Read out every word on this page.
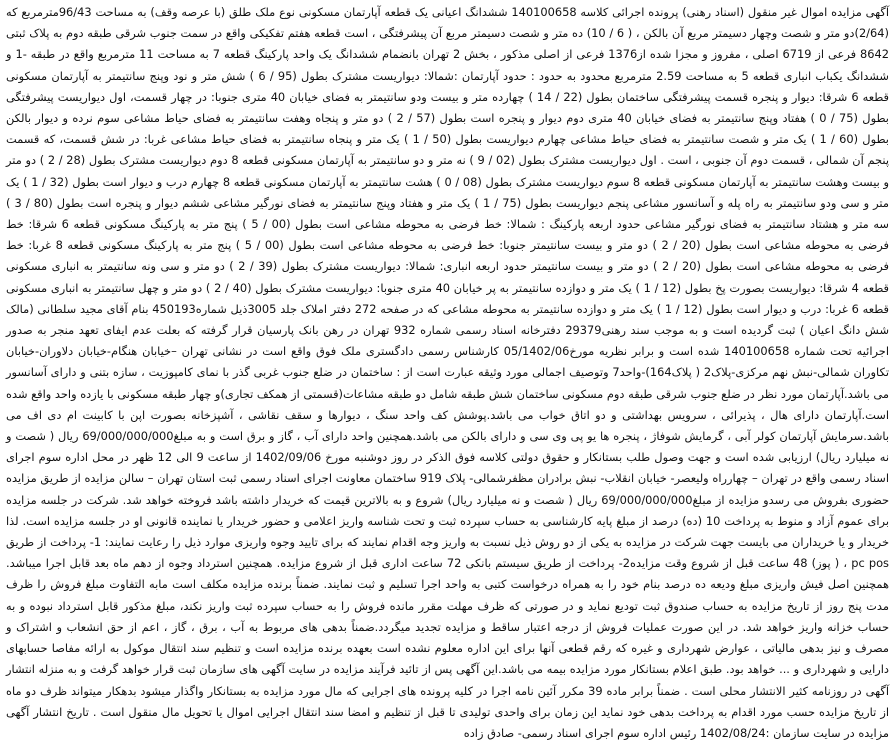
آگهی مزایده اموال غیر منقول (اسناد رهنی) پرونده اجرائی کلاسه 140100658 ششدانگ اعیانی یک قطعه آپارتمان مسکونی نوع ملک طلق (با عرصه وقف) به مساحت 96/43مترمربع که (2/64)دو متر و شصت وچهار دسیمتر مربع آن بالکن ، ( 6 / 10) ده متر و شصت دسیمتر مربع آن پیشرفتگی ، است قطعه هفتم تفکیکی واقع در سمت جنوب شرقی طبقه دوم به پلاک ثبتی 8642 فرعی از 6719 اصلی ، مفروز و مجزا شده از1376 فرعی از اصلی مذکور ، بخش 2 تهران بانضمام ششدانگ یک واحد پارکینگ قطعه 7 به مساحت 11 مترمربع واقع در طبقه -1 و ششدانگ یکباب انباری قطعه 5 به مساحت 2.59 مترمربع محدود به حدود : حدود آپارتمان :شمالا: دیواریست مشترک بطول (95 / 6 ) شش متر و نود وپنج سانتیمتر به آپارتمان مسکونی قطعه 6 شرقا: دیوار و پنجره قسمت پیشرفتگی ساختمان بطول (22 / 14 ) چهارده متر و بیست ودو سانتیمتر به فضای خیابان 40 متری جنوبا: در چهار قسمت، اول دیواریست پیشرفتگی بطول (75 / 0 ) هفتاد وپنج سانتیمتر به فضای خیابان 40 متری دوم دیوار و پنجره است بطول (57 / 2 ) دو متر و پنجاه وهفت سانتیمتر به فضای حیاط مشاعی سوم نرده و دیوار بالکن بطول (60 / 1 ) یک متر و شصت سانتیمتر به فضای حیاط مشاعی چهارم دیواریست بطول (50 / 1 ) یک متر و پنجاه سانتیمتر به فضای حیاط مشاعی غربا: در شش قسمت، که قسمت پنجم آن شمالی ، قسمت دوم آن جنوبی ، است . اول دیواریست مشترک بطول (02 / 9 ) نه متر و دو سانتیمتر به آپارتمان مسکونی قطعه 8 دوم دیواریست مشترک بطول (28 / 2 ) دو متر و بیست وهشت سانتیمتر به آپارتمان مسکونی قطعه 8 سوم دیواریست مشترک بطول (08 / 0 ) هشت سانتیمتر به آپارتمان مسکونی قطعه 8 چهارم درب و دیوار است بطول (32 / 1 ) یک متر و سی ودو سانتیمتر به راه پله و آسانسور مشاعی پنجم دیواریست بطول (75 / 1 ) یک متر و هفتاد وپنج سانتیمتر به فضای نورگیر مشاعی ششم دیوار و پنجره است بطول (80 / 3 ) سه متر و هشتاد سانتیمتر به فضای نورگیر مشاعی حدود اربعه پارکینگ : شمالا: خط فرضی به محوطه مشاعی است بطول (00 / 5 ) پنج متر به پارکینگ مسکونی قطعه 6 شرقا: خط فرضی به محوطه مشاعی است بطول (20 / 2 ) دو متر و بیست سانتیمتر جنوبا: خط فرضی به محوطه مشاعی است بطول (00 / 5 ) پنج متر به پارکینگ مسکونی قطعه 8 غربا: خط فرضی به محوطه مشاعی است بطول (20 / 2 ) دو متر و بیست سانتیمتر حدود اربعه انباری: شمالا: دیواریست مشترک بطول (39 / 2 ) دو متر و سی ونه سانتیمتر به انباری مسکونی قطعه 4 شرقا: دیواریست بصورت پخ بطول (12 / 1 ) یک متر و دوازده سانتیمتر به پر خیابان 40 متری جنوبا: دیواریست مشترک بطول (40 / 2 ) دو متر و چهل سانتیمتر به انباری مسکونی قطعه 6 غربا: درب و دیوار است بطول (12 / 1 ) یک متر و دوازده سانتیمتر به محوطه مشاعی که در صفحه 272 دفتر املاک جلد 3005ذیل شماره450193 بنام آقای مجید سلطانی (مالک شش دانگ اعیان ) ثبت گردیده است و به موجب سند رهنی29379 دفترخانه اسناد رسمی شماره 932 تهران در رهن بانک پارسیان قرار گرفته که بعلت عدم ایفای تعهد منجر به صدور اجرائیه تحت شماره 140100658 شده است و برابر نظریه مورخ05/1402/06 کارشناس رسمی دادگستری ملک فوق واقع است در نشانی تهران –خیابان هنگام-خیابان دلاوران-خیابان تکاوران شمالی-نبش نهم مرکزی-پلاک2 ( پلاک164)-واحد7 وتوصیف اجمالی مورد وثیقه عبارت است از : ساختمان در ضلع جنوب غربی گذر با نمای کامپوزیت ، سازه بتنی و دارای آسانسور می باشد.آپارتمان مورد نظر در ضلع جنوب شرقی طبقه دوم مسکونی ساختمان شش طبقه شامل دو طبقه مشاعات(قسمتی از همکف تجاری)و چهار طبقه مسکونی با یازده واحد واقع شده است.آپارتمان دارای هال ، پذیرائی ، سرویس بهداشتی و دو اتاق خواب می باشد.پوشش کف واحد سنگ ، دیوارها و سقف نقاشی ، آشپزخانه بصورت اپن با کابینت ام دی اف می باشد.سرمایش آپارتمان کولر آبی ، گرمایش شوفاژ ، پنجره ها یو پی وی سی و دارای بالکن می باشد.همچنین واحد دارای آب ، گاز و برق است و به مبلغ69/000/000/000 ریال ( شصت و نه میلیارد ریال) ارزیابی شده است و جهت وصول طلب بستانکار و حقوق دولتی کلاسه فوق الذکر در روز دوشنبه مورخ 1402/09/06 از ساعت 9 الی 12 ظهر در محل اداره سوم اجرای اسناد رسمی واقع در تهران – چهارراه ولیعصر- خیابان انقلاب- نبش برادران مظفرشمالی- پلاک 919 ساختمان معاونت اجرای اسناد رسمی ثبت استان تهران – سالن مزایده از طریق مزایده حضوری بفروش می رسدو مزایده از مبلغ69/000/000/000 ریال ( شصت و نه میلیارد ریال) شروع و به بالاترین قیمت که خریدار داشته باشد فروخته خواهد شد. شرکت در جلسه مزایده برای عموم آزاد و منوط به پرداخت 10 (ده) درصد از مبلغ پایه کارشناسی به حساب سپرده ثبت و تحت شناسه واریز اعلامی و حضور خریدار یا نماینده قانونی او در جلسه مزایده است. لذا خریدار و یا خریداران می بایست جهت شرکت در مزایده به یکی از دو روش ذیل نسبت به واریز وجه اقدام نمایند که برای تایید وجوه واریزی موارد ذیل را رعایت نمایند: 1- پرداخت از طریق pc pos ، ( پوز) 48 ساعت قبل از شروع وقت مزایده2- پرداخت از طریق سیستم بانکی 72 ساعت اداری قبل از شروع مزایده. همچنین استرداد وجوه از دهم ماه بعد قابل اجرا میباشد. همچنین اصل فیش واریزی مبلغ ودیعه ده درصد بنام خود را به همراه درخواست کتبی به واحد اجرا تسلیم و ثبت نمایند. ضمناً برنده مزایده مکلف است مابه التفاوت مبلغ فروش را ظرف مدت پنج روز از تاریخ مزایده به حساب صندوق ثبت تودیع نماید و در صورتی که ظرف مهلت مقرر مانده فروش را به حساب سپرده ثبت واریز نکند، مبلغ مذکور قابل استرداد نبوده و به حساب خزانه واریز خواهد شد. در این صورت عملیات فروش از درجه اعتبار ساقط و مزایده تجدید میگردد.ضمناً بدهی های مربوط به آب ، برق ، گاز ، اعم از حق انشعاب و اشتراک و مصرف و نیز بدهی مالیاتی ، عوارض شهرداری و غیره که رقم قطعی آنها برای این اداره معلوم نشده است بعهده برنده مزایده است و تنظیم سند انتقال موکول به ارائه مفاصا حسابهای دارایی و شهرداری و ... خواهد بود. طبق اعلام بستانکار مورد مزایده بیمه می باشد.این آگهی پس از تائید فرآیند مزایده در سایت آگهی های سازمان ثبت قرار خواهد گرفت و به منزله انتشار آگهی در روزنامه کثیر الانتشار محلی است . ضمناً برابر ماده 39 مکرر آئین نامه اجرا در کلیه پرونده های اجرایی که مال مورد مزایده به بستانکار واگذار میشود بدهکار میتواند ظرف دو ماه از تاریخ مزایده حسب مورد اقدام به پرداخت بدهی خود نماید این زمان برای واحدی تولیدی تا قبل از تنظیم و امضا سند انتقال اجرایی اموال یا تحویل مال منقول است . تاریخ انتشار آگهی مزایده در سایت سازمان :1402/08/24 رئیس اداره سوم اجرای اسناد رسمی- صادق زاده
